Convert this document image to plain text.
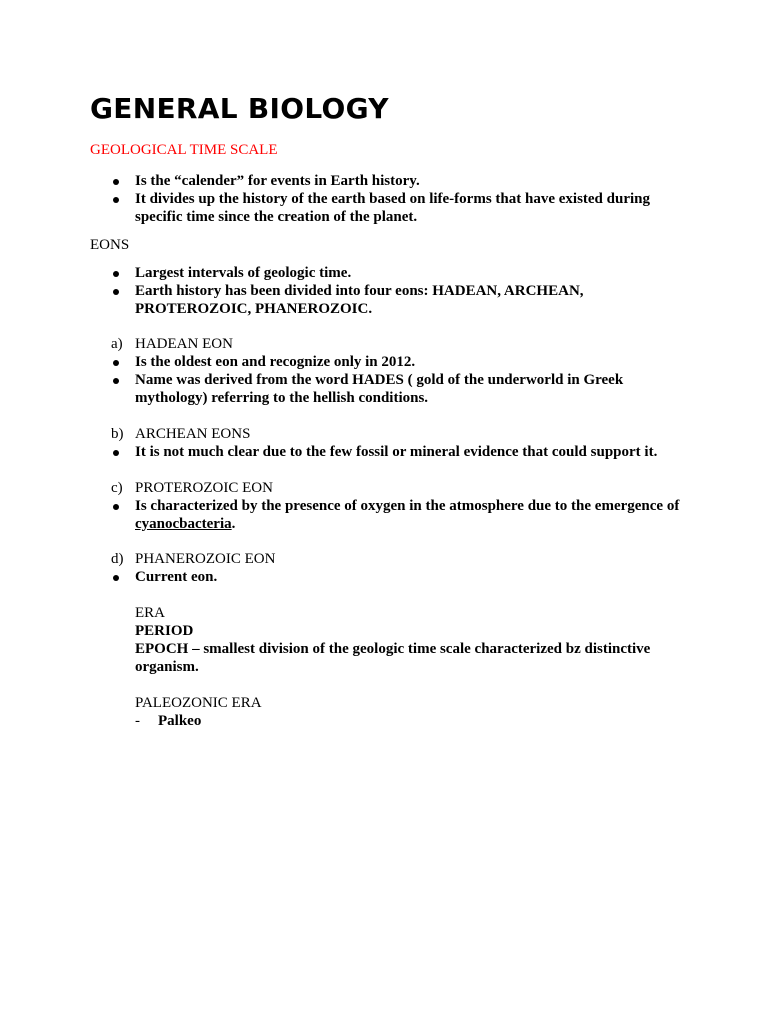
GENERAL BIOLOGY
GEOLOGICAL TIME SCALE
Is the “calender” for events in Earth history.
It divides up the history of the earth based on life-forms that have existed during specific time since the creation of the planet.
EONS
Largest intervals of geologic time.
Earth history has been divided into four eons: HADEAN, ARCHEAN, PROTEROZOIC, PHANEROZOIC.
a) HADEAN EON
Is the oldest eon and recognize only in 2012.
Name was derived from the word HADES ( gold of the underworld in Greek mythology) referring to the hellish conditions.
b) ARCHEAN EONS
It is not much clear due to the few fossil or mineral evidence that could support it.
c) PROTEROZOIC EON
Is characterized by the presence of oxygen in the atmosphere due to the emergence of cyanocbacteria.
d) PHANEROZOIC EON
Current eon.
ERA
PERIOD
EPOCH – smallest division of the geologic time scale characterized bz distinctive organism.
PALEOZONIC ERA
-	Palkeo
